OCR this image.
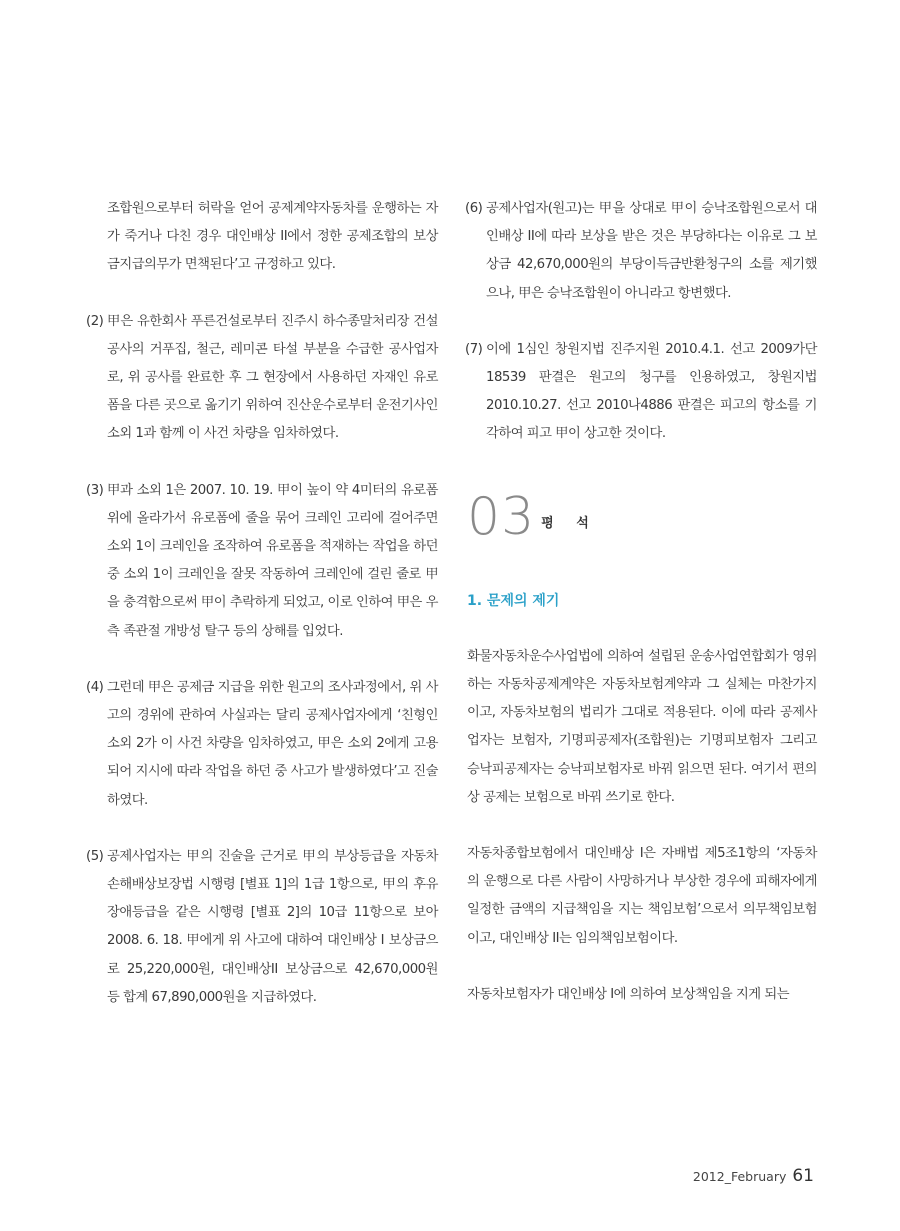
조합원으로부터 허락을 얻어 공제계약자동차를 운행하는 자가 죽거나 다친 경우 대인배상 II에서 정한 공제조합의 보상금지급의무가 면책된다’고 규정하고 있다.

(2) 甲은 유한회사 푸른건설로부터 진주시 하수종말처리장 건설공사의 거푸집, 철근, 레미콘 타설 부분을 수급한 공사업자로, 위 공사를 완료한 후 그 현장에서 사용하던 자재인 유로폼을 다른 곳으로 옮기기 위하여 진산운수로부터 운전기사인 소외 1과 함께 이 사건 차량을 임차하였다.
(3) 甲과 소외 1은 2007. 10. 19. 甲이 높이 약 4미터의 유로폼 위에 올라가서 유로폼에 줄을 묶어 크레인 고리에 걸어주면 소외 1이 크레인을 조작하여 유로폼을 적재하는 작업을 하던 중 소외 1이 크레인을 잘못 작동하여 크레인에 걸린 줄로 甲을 충격함으로써 甲이 추락하게 되었고, 이로 인하여 甲은 우측 족관절 개방성 탈구 등의 상해를 입었다.
(4) 그런데 甲은 공제금 지급을 위한 원고의 조사과정에서, 위 사고의 경위에 관하여 사실과는 달리 공제사업자에게 ‘친형인 소외 2가 이 사건 차량을 임차하였고, 甲은 소외 2에게 고용되어 지시에 따라 작업을 하던 중 사고가 발생하였다’고 진술하였다.
(5) 공제사업자는 甲의 진술을 근거로 甲의 부상등급을 자동차손해배상보장법 시행령 [별표 1]의 1급 1항으로, 甲의 후유장애등급을 같은 시행령 [별표 2]의 10급 11항으로 보아 2008. 6. 18. 甲에게 위 사고에 대하여 대인배상 Ⅰ 보상금으로 25,220,000원, 대인배상II 보상금으로 42,670,000원 등 합계 67,890,000원을 지급하였다.
(6) 공제사업자(원고)는 甲을 상대로 甲이 승낙조합원으로서 대인배상 II에 따라 보상을 받은 것은 부당하다는 이유로 그 보상금 42,670,000원의 부당이득금반환청구의 소를 제기했으나, 甲은 승낙조합원이 아니라고 항변했다.
(7) 이에 1심인 창원지법 진주지원 2010.4.1. 선고 2009가단18539 판결은 원고의 청구를 인용하였고, 창원지법 2010.10.27. 선고 2010나4886 판결은 피고의 항소를 기각하여 피고 甲이 상고한 것이다.
03 평 석
1. 문제의 제기

화물자동차운수사업법에 의하여 설립된 운송사업연합회가 영위하는 자동차공제계약은 자동차보험계약과 그 실체는 마찬가지이고, 자동차보험의 법리가 그대로 적용된다. 이에 따라 공제사업자는 보험자, 기명피공제자(조합원)는 기명피보험자 그리고 승낙피공제자는 승낙피보험자로 바꿔 읽으면 된다. 여기서 편의상 공제는 보험으로 바꿔 쓰기로 한다.

자동차종합보험에서 대인배상 I은 자배법 제5조1항의 ‘자동차의 운행으로 다른 사람이 사망하거나 부상한 경우에 피해자에게 일정한 금액의 지급책임을 지는 책임보험’으로서 의무책임보험이고, 대인배상 II는 임의책임보험이다.

자동차보험자가 대인배상 I에 의하여 보상책임을 지게 되는

2012_February 61
